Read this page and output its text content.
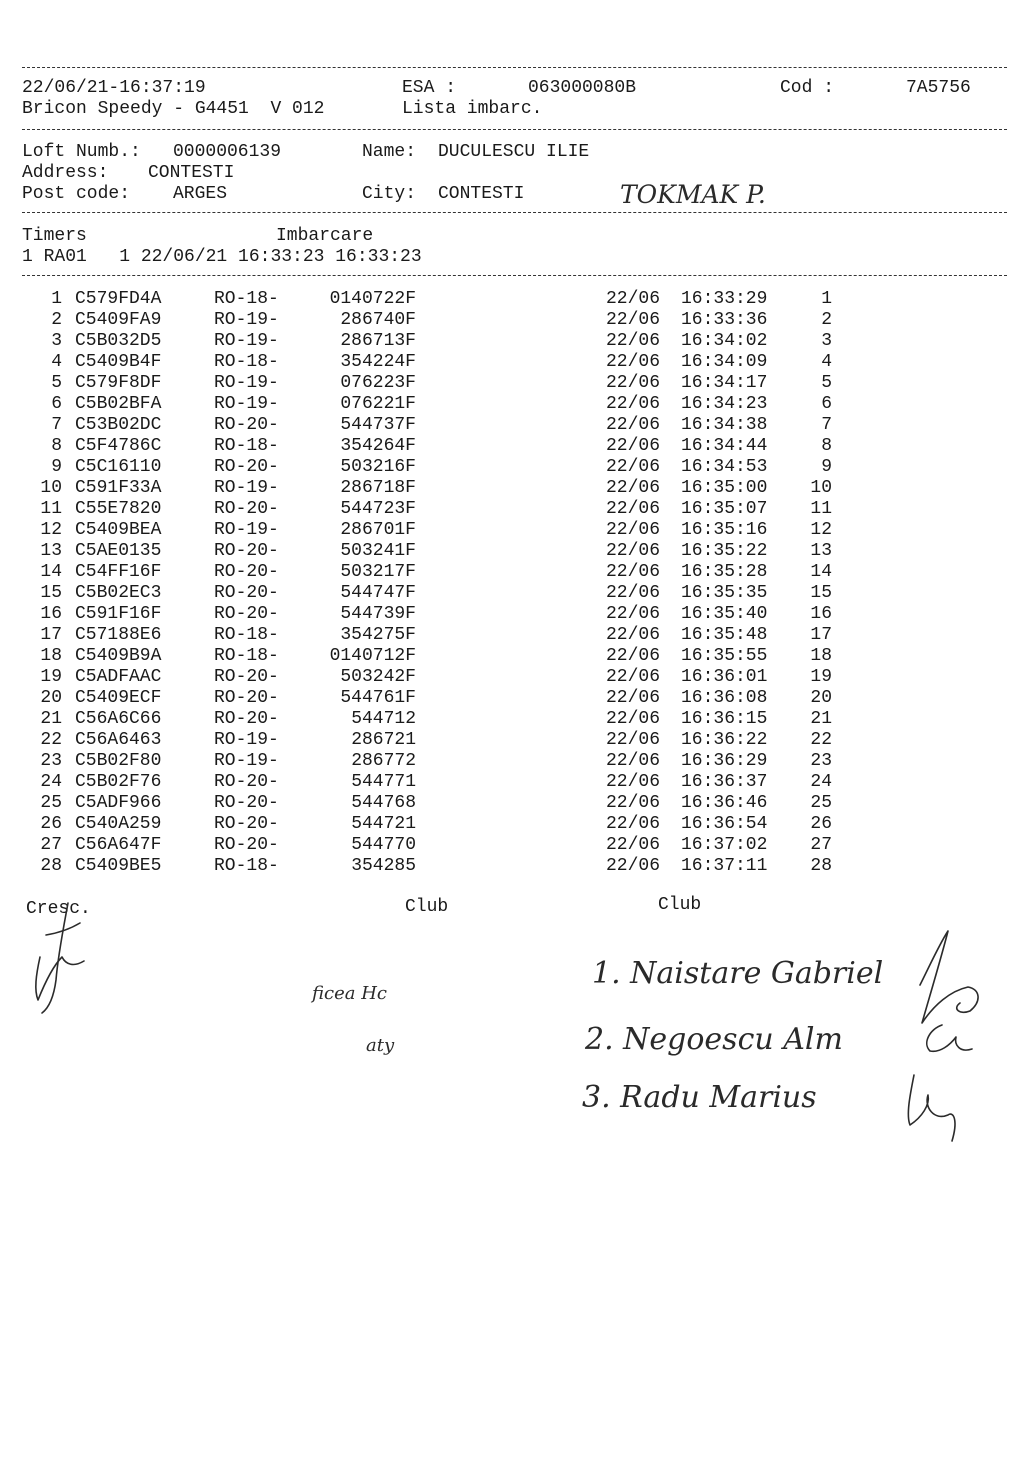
22/06/21-16:37:19	ESA :	063000080B	Cod :	7A5756
Bricon Speedy - G4451  V 012	Lista imbarc.
Loft Numb.: 0000006139	Name: DUCULESCU ILIE
Address: CONTESTI
Post code: ARGES	City: CONTESTI	TOKMAK P.
Timers	Imbarcare
1 RA01   1 22/06/21 16:33:23 16:33:23
1 C579FD4A	RO-18-	0140722F	22/06 16:33:29	1
2 C5409FA9	RO-19-	286740F	22/06 16:33:36	2
3 C5B032D5	RO-19-	286713F	22/06 16:34:02	3
4 C5409B4F	RO-18-	354224F	22/06 16:34:09	4
5 C579F8DF	RO-19-	076223F	22/06 16:34:17	5
6 C5B02BFA	RO-19-	076221F	22/06 16:34:23	6
7 C53B02DC	RO-20-	544737F	22/06 16:34:38	7
8 C5F4786C	RO-18-	354264F	22/06 16:34:44	8
9 C5C16110	RO-20-	503216F	22/06 16:34:53	9
10 C591F33A	RO-19-	286718F	22/06 16:35:00	10
11 C55E7820	RO-20-	544723F	22/06 16:35:07	11
12 C5409BEA	RO-19-	286701F	22/06 16:35:16	12
13 C5AE0135	RO-20-	503241F	22/06 16:35:22	13
14 C54FF16F	RO-20-	503217F	22/06 16:35:28	14
15 C5B02EC3	RO-20-	544747F	22/06 16:35:35	15
16 C591F16F	RO-20-	544739F	22/06 16:35:40	16
17 C57188E6	RO-18-	354275F	22/06 16:35:48	17
18 C5409B9A	RO-18-	0140712F	22/06 16:35:55	18
19 C5ADFAAC	RO-20-	503242F	22/06 16:36:01	19
20 C5409ECF	RO-20-	544761F	22/06 16:36:08	20
21 C56A6C66	RO-20-	544712	22/06 16:36:15	21
22 C56A6463	RO-19-	286721	22/06 16:36:22	22
23 C5B02F80	RO-19-	286772	22/06 16:36:29	23
24 C5B02F76	RO-20-	544771	22/06 16:36:37	24
25 C5ADF966	RO-20-	544768	22/06 16:36:46	25
26 C540A259	RO-20-	544721	22/06 16:36:54	26
27 C56A647F	RO-20-	544770	22/06 16:37:02	27
28 C5409BE5	RO-18-	354285	22/06 16:37:11	28
Cresc.	Club	Club
ficea Hc
aty
1. Naistare Gabriel
2. Negoescu Alm
3. Radu Marius
